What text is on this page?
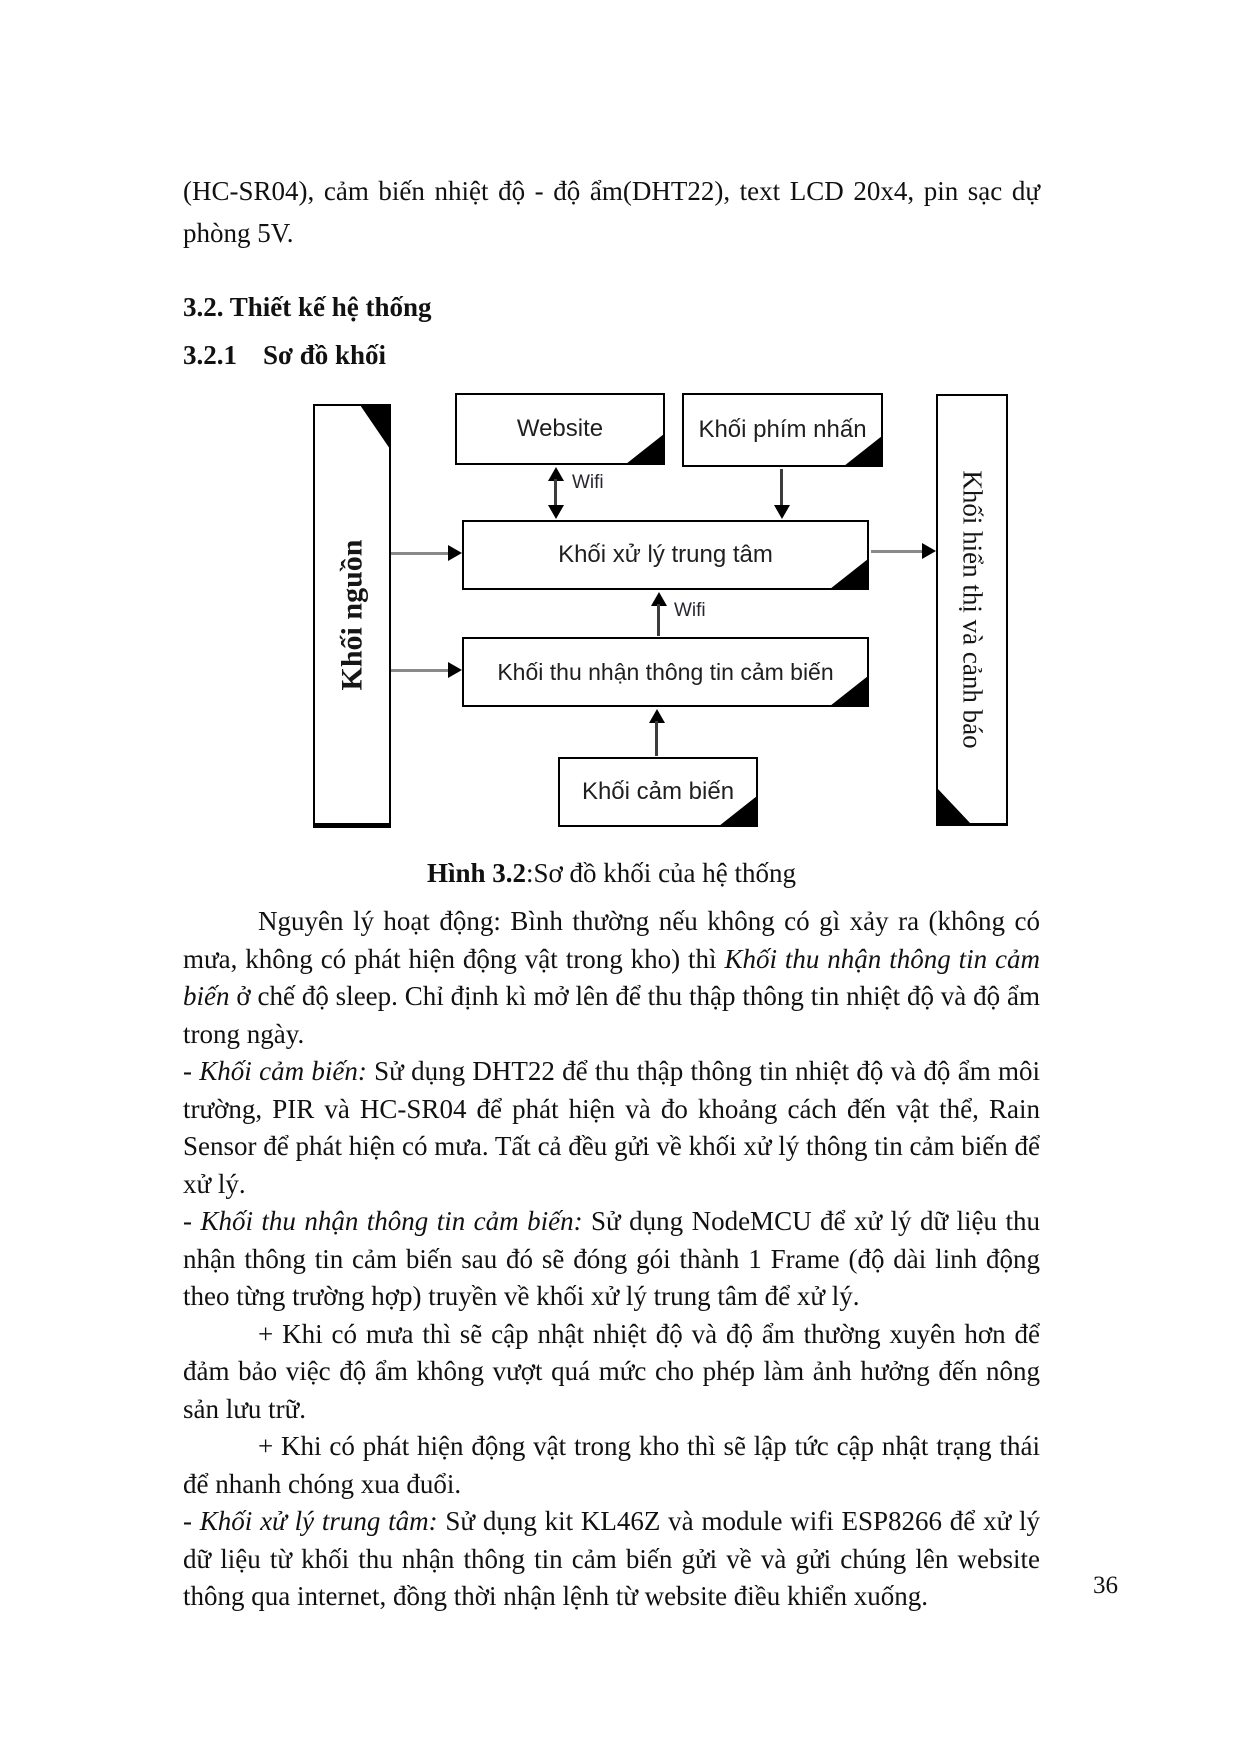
(HC-SR04), cảm biến nhiệt độ - độ ẩm(DHT22), text LCD 20x4, pin sạc dự phòng 5V.
3.2. Thiết kế hệ thống
3.2.1 Sơ đồ khối
Khối nguồn
Website	Khối phím nhấn
Khối xử lý trung tâm
Khối thu nhận thông tin cảm biến
Khối cảm biến
Khối hiển thị và cảnh báo
Wifi
Wifi
Hình 3.2:Sơ đồ khối của hệ thống

Nguyên lý hoạt động: Bình thường nếu không có gì xảy ra (không có mưa, không có phát hiện động vật trong kho) thì Khối thu nhận thông tin cảm biến ở chế độ sleep. Chỉ định kì mở lên để thu thập thông tin nhiệt độ và độ ẩm trong ngày.

- Khối cảm biến: Sử dụng DHT22 để thu thập thông tin nhiệt độ và độ ẩm môi trường, PIR và HC-SR04 để phát hiện và đo khoảng cách đến vật thể, Rain Sensor để phát hiện có mưa. Tất cả đều gửi về khối xử lý thông tin cảm biến để xử lý.

- Khối thu nhận thông tin cảm biến: Sử dụng NodeMCU để xử lý dữ liệu thu nhận thông tin cảm biến sau đó sẽ đóng gói thành 1 Frame (độ dài linh động theo từng trường hợp) truyền về khối xử lý trung tâm để xử lý.

+ Khi có mưa thì sẽ cập nhật nhiệt độ và độ ẩm thường xuyên hơn để đảm bảo việc độ ẩm không vượt quá mức cho phép làm ảnh hưởng đến nông sản lưu trữ.

+ Khi có phát hiện động vật trong kho thì sẽ lập tức cập nhật trạng thái để nhanh chóng xua đuổi.

- Khối xử lý trung tâm: Sử dụng kit KL46Z và module wifi ESP8266 để xử lý dữ liệu từ khối thu nhận thông tin cảm biến gửi về và gửi chúng lên website thông qua internet, đồng thời nhận lệnh từ website điều khiển xuống.	36
